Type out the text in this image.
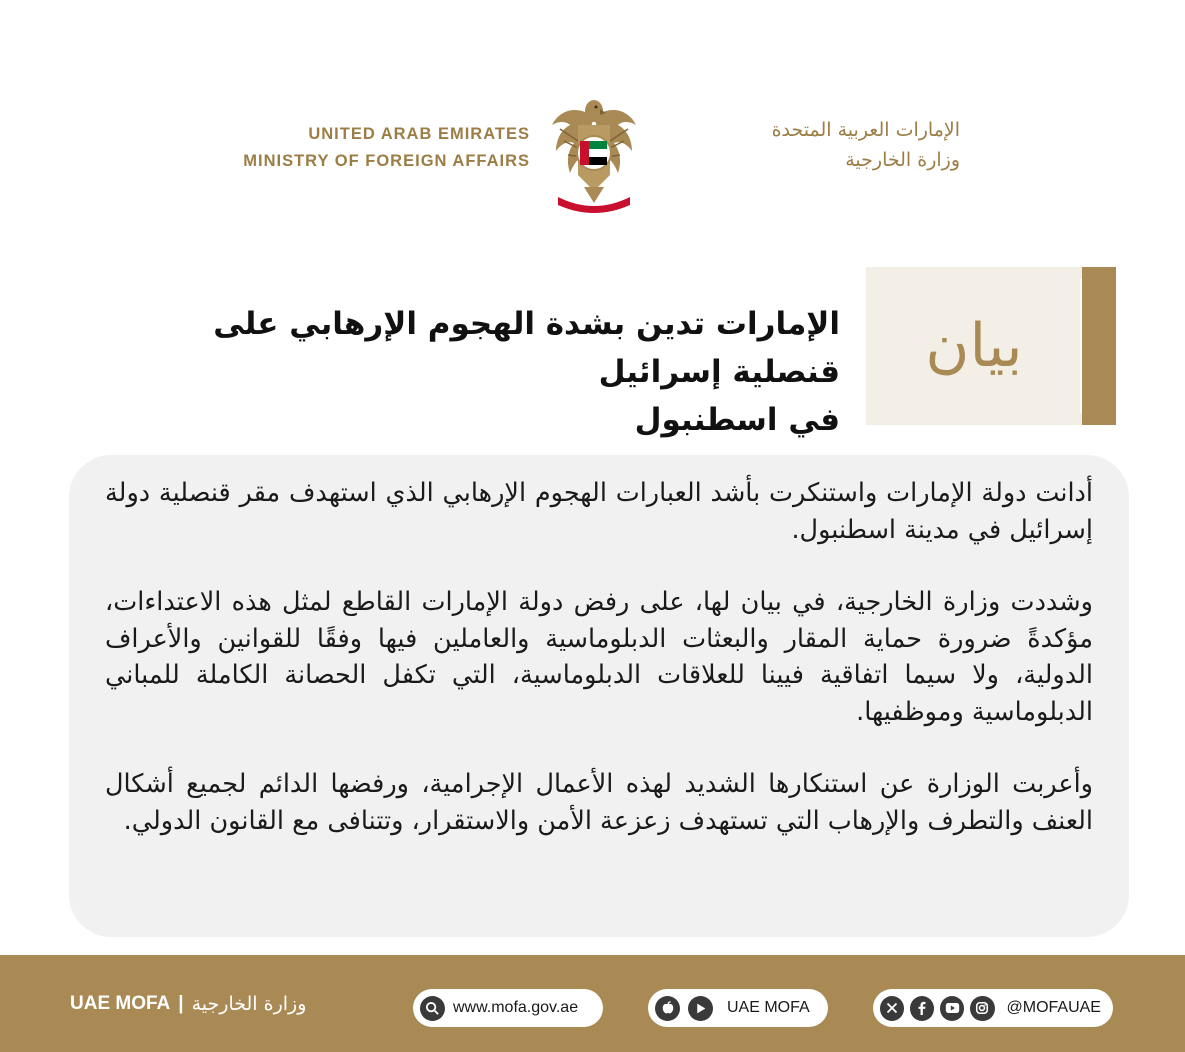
UNITED ARAB EMIRATES
MINISTRY OF FOREIGN AFFAIRS
الإمارات العربية المتحدة
وزارة الخارجية
بيان
الإمارات تدين بشدة الهجوم الإرهابي على قنصلية إسرائيل
في اسطنبول

أدانت دولة الإمارات واستنكرت بأشد العبارات الهجوم الإرهابي الذي استهدف مقر قنصلية دولة إسرائيل في مدينة اسطنبول.

وشددت وزارة الخارجية، في بيان لها، على رفض دولة الإمارات القاطع لمثل هذه الاعتداءات، مؤكدةً ضرورة حماية المقار والبعثات الدبلوماسية والعاملين فيها وفقًا للقوانين والأعراف الدولية، ولا سيما اتفاقية فيينا للعلاقات الدبلوماسية، التي تكفل الحصانة الكاملة للمباني الدبلوماسية وموظفيها.

وأعربت الوزارة عن استنكارها الشديد لهذه الأعمال الإجرامية، ورفضها الدائم لجميع أشكال العنف والتطرف والإرهاب التي تستهدف زعزعة الأمن والاستقرار، وتتنافى مع القانون الدولي.

UAE MOFA | وزارة الخارجية	www.mofa.gov.ae	UAE MOFA	@MOFAUAE
